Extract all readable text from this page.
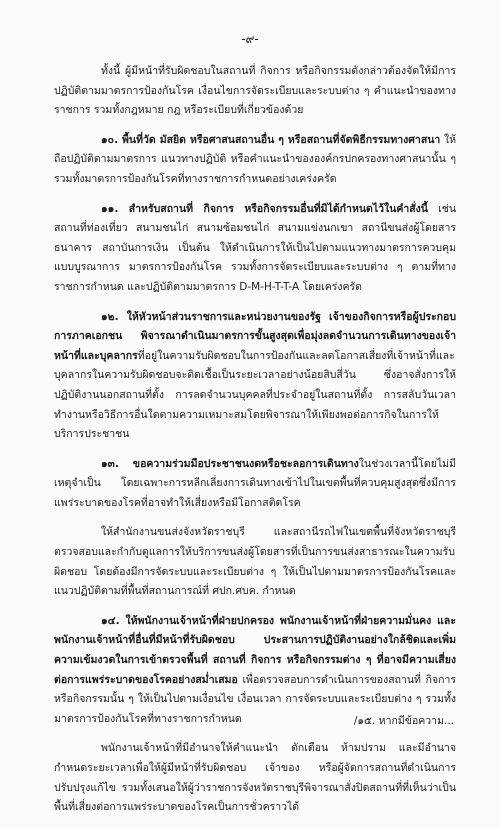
-๙-

ทั้งนี้ ผู้มีหน้าที่รับผิดชอบในสถานที่ กิจการ หรือกิจกรรมดังกล่าวต้องจัดให้มีการปฏิบัติตามมาตรการป้องกันโรค เงื่อนไขการจัดระเบียบและระบบต่าง ๆ คำแนะนำของทางราชการ รวมทั้งกฎหมาย กฎ หรือระเบียบที่เกี่ยวข้องด้วย

๑๐. พื้นที่วัด มัสยิด หรือศาสนสถานอื่น ๆ หรือสถานที่จัดพิธีกรรมทางศาสนา ให้ถือปฏิบัติตามมาตรการ แนวทางปฏิบัติ หรือคำแนะนำขององค์กรปกครองทางศาสนานั้น ๆ รวมทั้งมาตรการป้องกันโรคที่ทางราชการกำหนดอย่างเคร่งครัด

๑๑. สำหรับสถานที่ กิจการ หรือกิจกรรมอื่นที่มิได้กำหนดไว้ในคำสั่งนี้ เช่น สถานที่ท่องเที่ยว สนามชนไก่ สนามซ้อมชนไก่ สนามแข่งนกเขา สถานีขนส่งผู้โดยสาร ธนาคาร สถาบันการเงิน เป็นต้น ให้ดำเนินการให้เป็นไปตามแนวทางมาตรการควบคุมแบบบูรณาการ มาตรการป้องกันโรค รวมทั้งการจัดระเบียบและระบบต่าง ๆ ตามที่ทางราชการกำหนด และปฏิบัติตามมาตรการ D-M-H-T-T-A โดยเคร่งครัด

๑๒. ให้หัวหน้าส่วนราชการและหน่วยงานของรัฐ เจ้าของกิจการหรือผู้ประกอบการภาคเอกชน พิจารณาดำเนินมาตรการขั้นสูงสุดเพื่อมุ่งลดจำนวนการเดินทางของเจ้าหน้าที่และบุคลากรที่อยู่ในความรับผิดชอบในการป้องกันและลดโอกาสเสี่ยงที่เจ้าหน้าที่และบุคลากรในความรับผิดชอบจะติดเชื้อเป็นระยะเวลาอย่างน้อยสิบสี่วัน ซึ่งอาจสั่งการให้ปฏิบัติงานนอกสถานที่ตั้ง การลดจำนวนบุคคลที่ประจำอยู่ในสถานที่ตั้ง การสลับวันเวลาทำงานหรือวิธีการอื่นใดตามความเหมาะสมโดยพิจารณาให้เพียงพอต่อการกิจในการให้บริการประชาชน

๑๓. ขอความร่วมมือประชาชนงดหรือชะลอการเดินทางในช่วงเวลานี้โดยไม่มีเหตุจำเป็น โดยเฉพาะการหลีกเลี่ยงการเดินทางเข้าไปในเขตพื้นที่ควบคุมสูงสุดซึ่งมีการแพร่ระบาดของโรคที่อาจทำให้เสี่ยงหรือมีโอกาสติดโรค

ให้สำนักงานขนส่งจังหวัดราชบุรี และสถานีรถไฟในเขตพื้นที่จังหวัดราชบุรี ตรวจสอบและกำกับดูแลการให้บริการขนส่งผู้โดยสารที่เป็นการขนส่งสาธารณะในความรับผิดชอบ โดยต้องมีการจัดระบบและระเบียบต่าง ๆ ให้เป็นไปตามมาตรการป้องกันโรคและแนวปฏิบัติตามที่พื้นที่สถานการณ์ที่ ศปก.ศบค. กำหนด

๑๔. ให้พนักงานเจ้าหน้าที่ฝ่ายปกครอง พนักงานเจ้าหน้าที่ฝ่ายความมั่นคง และพนักงานเจ้าหน้าที่อื่นที่มีหน้าที่รับผิดชอบ ประสานการปฏิบัติงานอย่างใกล้ชิดและเพิ่มความเข้มงวดในการเข้าตรวจพื้นที่ สถานที่ กิจการ หรือกิจกรรมต่าง ๆ ที่อาจมีความเสี่ยงต่อการแพร่ระบาดของโรคอย่างสม่ำเสมอ เพื่อตรวจสอบการดำเนินการของสถานที่ กิจการ หรือกิจกรรมนั้น ๆ ให้เป็นไปตามเงื่อนไข เงื่อนเวลา การจัดระบบและระเบียบต่าง ๆ รวมทั้งมาตรการป้องกันโรคที่ทางราชการกำหนด

พนักงานเจ้าหน้าที่มีอำนาจให้คำแนะนำ ตักเตือน ห้ามปราม และมีอำนาจกำหนดระยะเวลาเพื่อให้ผู้มีหน้าที่รับผิดชอบ เจ้าของ หรือผู้จัดการสถานที่ดำเนินการปรับปรุงแก้ไข รวมทั้งเสนอให้ผู้ว่าราชการจังหวัดราชบุรีพิจารณาสั่งปิดสถานที่ที่เห็นว่าเป็นพื้นที่เสี่ยงต่อการแพร่ระบาดของโรคเป็นการชั่วคราวได้

/๑๕. หากมีข้อความ...
